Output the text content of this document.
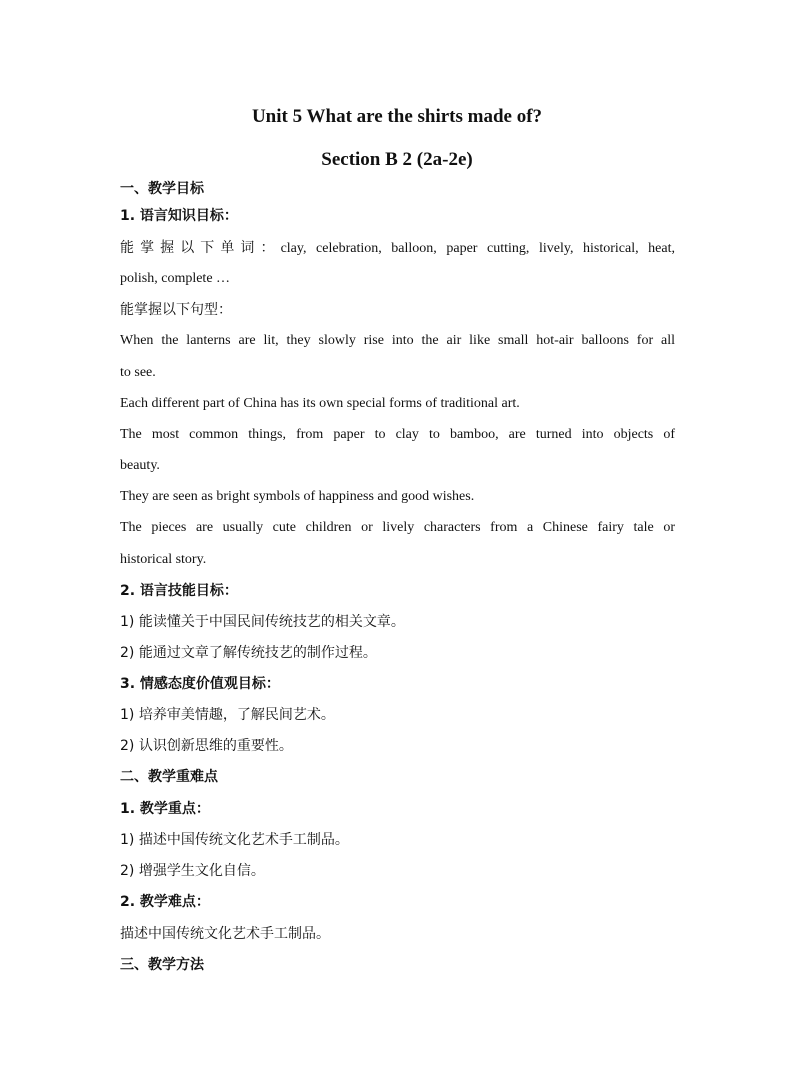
Unit 5 What are the shirts made of?
Section B 2 (2a-2e)
一、教学目标
1. 语言知识目标：
能掌握以下单词：clay, celebration, balloon, paper cutting, lively, historical, heat,
polish, complete …
能掌握以下句型：
When the lanterns are lit, they slowly rise into the air like small hot-air balloons for all
to see.
Each different part of China has its own special forms of traditional art.
The most common things, from paper to clay to bamboo, are turned into objects of
beauty.
They are seen as bright symbols of happiness and good wishes.
The pieces are usually cute children or lively characters from a Chinese fairy tale or
historical story.
2. 语言技能目标：
1) 能读懂关于中国民间传统技艺的相关文章。
2) 能通过文章了解传统技艺的制作过程。
3. 情感态度价值观目标：
1) 培养审美情趣，了解民间艺术。
2) 认识创新思维的重要性。
二、教学重难点
1. 教学重点：
1) 描述中国传统文化艺术手工制品。
2) 增强学生文化自信。
2. 教学难点：
描述中国传统文化艺术手工制品。
三、教学方法
